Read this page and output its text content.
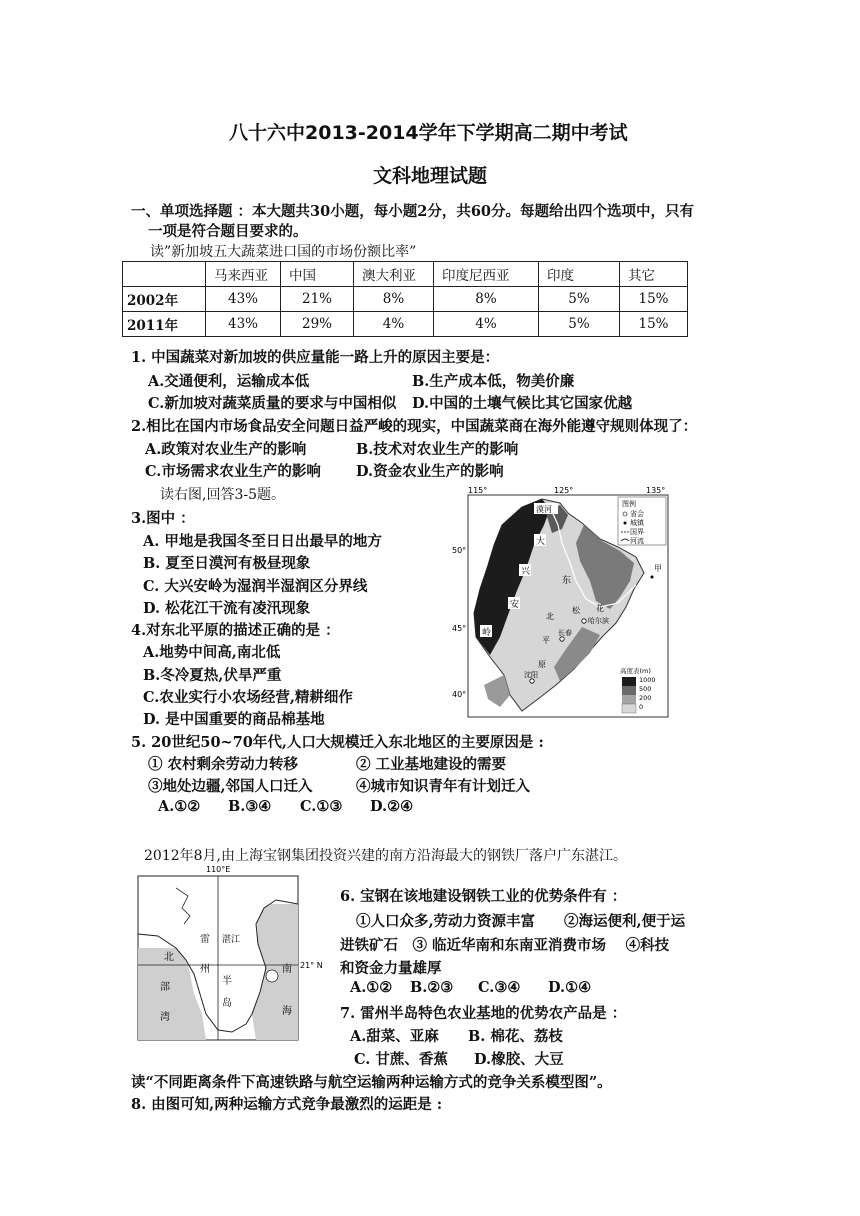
八十六中2013-2014学年下学期高二期中考试
文科地理试题
一、单项选择题 ：本大题共30小题，每小题2分，共60分。每题给出四个选项中，只有
一项是符合题目要求的。
读”新加坡五大蔬菜进口国的市场份额比率”
	马来西亚	中国	澳大利亚	印度尼西亚	印度	其它
2002年	43%	21%	8%	8%	5%	15%
2011年	43%	29%	4%	4%	5%	15%
1. 中国蔬菜对新加坡的供应量能一路上升的原因主要是：
A.交通便利，运输成本低	B.生产成本低，物美价廉
C.新加坡对蔬菜质量的要求与中国相似 D.中国的土壤气候比其它国家优越
2.相比在国内市场食品安全问题日益严峻的现实，中国蔬菜商在海外能遵守规则体现了：
A.政策对农业生产的影响	B.技术对农业生产的影响
C.市场需求农业生产的影响 D.资金农业生产的影响
读右图,回答3-5题。
3.图中 ：
A. 甲地是我国冬至日日出最早的地方
B. 夏至日漠河有极昼现象
C. 大兴安岭为湿润半湿润区分界线
D. 松花江干流有凌汛现象
4.对东北平原的描述正确的是 ：
A.地势中间高,南北低
B.冬冷夏热,伏旱严重
C.农业实行小农场经营,精耕细作
D. 是中国重要的商品棉基地
5. 20世纪50~70年代,人口大规模迁入东北地区的主要原因是 :
① 农村剩余劳动力转移	② 工业基地建设的需要
③地处边疆,邻国人口迁入	④城市知识青年有计划迁入
A.①② B.③④ C.①③ D.②④
2012年8月,由上海宝钢集团投资兴建的南方沿海最大的钢铁厂落户广东湛江。
6. 宝钢在该地建设钢铁工业的优势条件有 ：
①人口众多,劳动力资源丰富　　②海运便利,便于运
进铁矿石　③ 临近华南和东南亚消费市场　 ④科技
和资金力量雄厚
A.①② B.②③ C.③④ D.①④
7. 雷州半岛特色农业基地的优势农产品是 ：
A.甜菜、亚麻 B. 棉花、荔枝
C. 甘蔗、香蕉 D.橡胶、大豆
读“不同距离条件下高速铁路与航空运输两种运输方式的竞争关系模型图”。
8. 由图可知,两种运输方式竞争最激烈的运距是 :
115°	125°	135°
50°
45°
40°
漠河
大
兴
安
岭
东
北
松 花
哈尔滨
平
长春
原
沈阳
甲
图例
省会
城镇
国界
河流
高度表(m)
1000
500
200
0
110°E
21° N
湛江
雷
州
半
岛
北
部
湾
南
海
